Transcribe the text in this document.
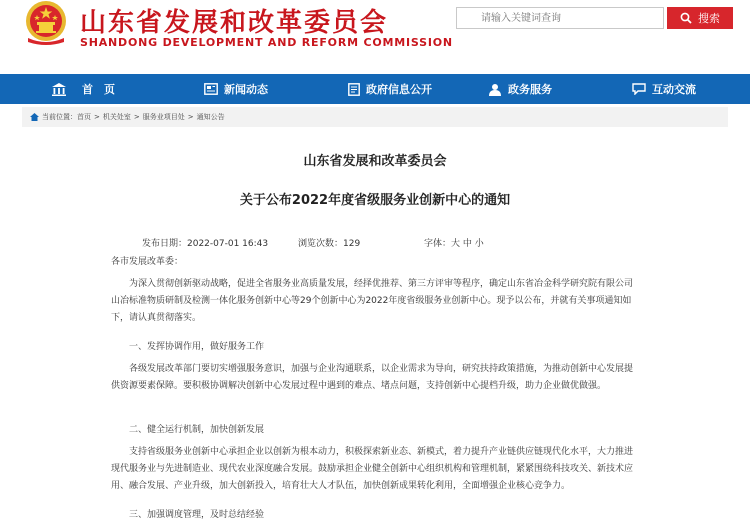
山东省发展和改革委员会
SHANDONG DEVELOPMENT AND REFORM COMMISSION
请输入关键词查询
搜索
首　页	新闻动态	政府信息公开	政务服务	互动交流
当前位置： 首页 > 机关处室 > 服务业项目处 > 通知公告
山东省发展和改革委员会
关于公布2022年度省级服务业创新中心的通知
发布日期：2022-07-01 16:43	浏览次数：129	字体：大 中 小
各市发展改革委：
为深入贯彻创新驱动战略，促进全省服务业高质量发展，经择优推荐、第三方评审等程序，确定山东省冶金科学研究院有限公司山冶标准物质研制及检测一体化服务创新中心等29个创新中心为2022年度省级服务业创新中心。现予以公布，并就有关事项通知如下，请认真贯彻落实。
一、发挥协调作用，做好服务工作
各级发展改革部门要切实增强服务意识，加强与企业沟通联系，以企业需求为导向，研究扶持政策措施，为推动创新中心发展提供资源要素保障。要积极协调解决创新中心发展过程中遇到的难点、堵点问题，支持创新中心提档升级，助力企业做优做强。
二、健全运行机制，加快创新发展
支持省级服务业创新中心承担企业以创新为根本动力，积极探索新业态、新模式，着力提升产业链供应链现代化水平，大力推进现代服务业与先进制造业、现代农业深度融合发展。鼓励承担企业健全创新中心组织机构和管理机制，紧紧围绕科技攻关、新技术应用、融合发展、产业升级，加大创新投入，培育壮大人才队伍，加快创新成果转化利用，全面增强企业核心竞争力。
三、加强调度管理，及时总结经验
